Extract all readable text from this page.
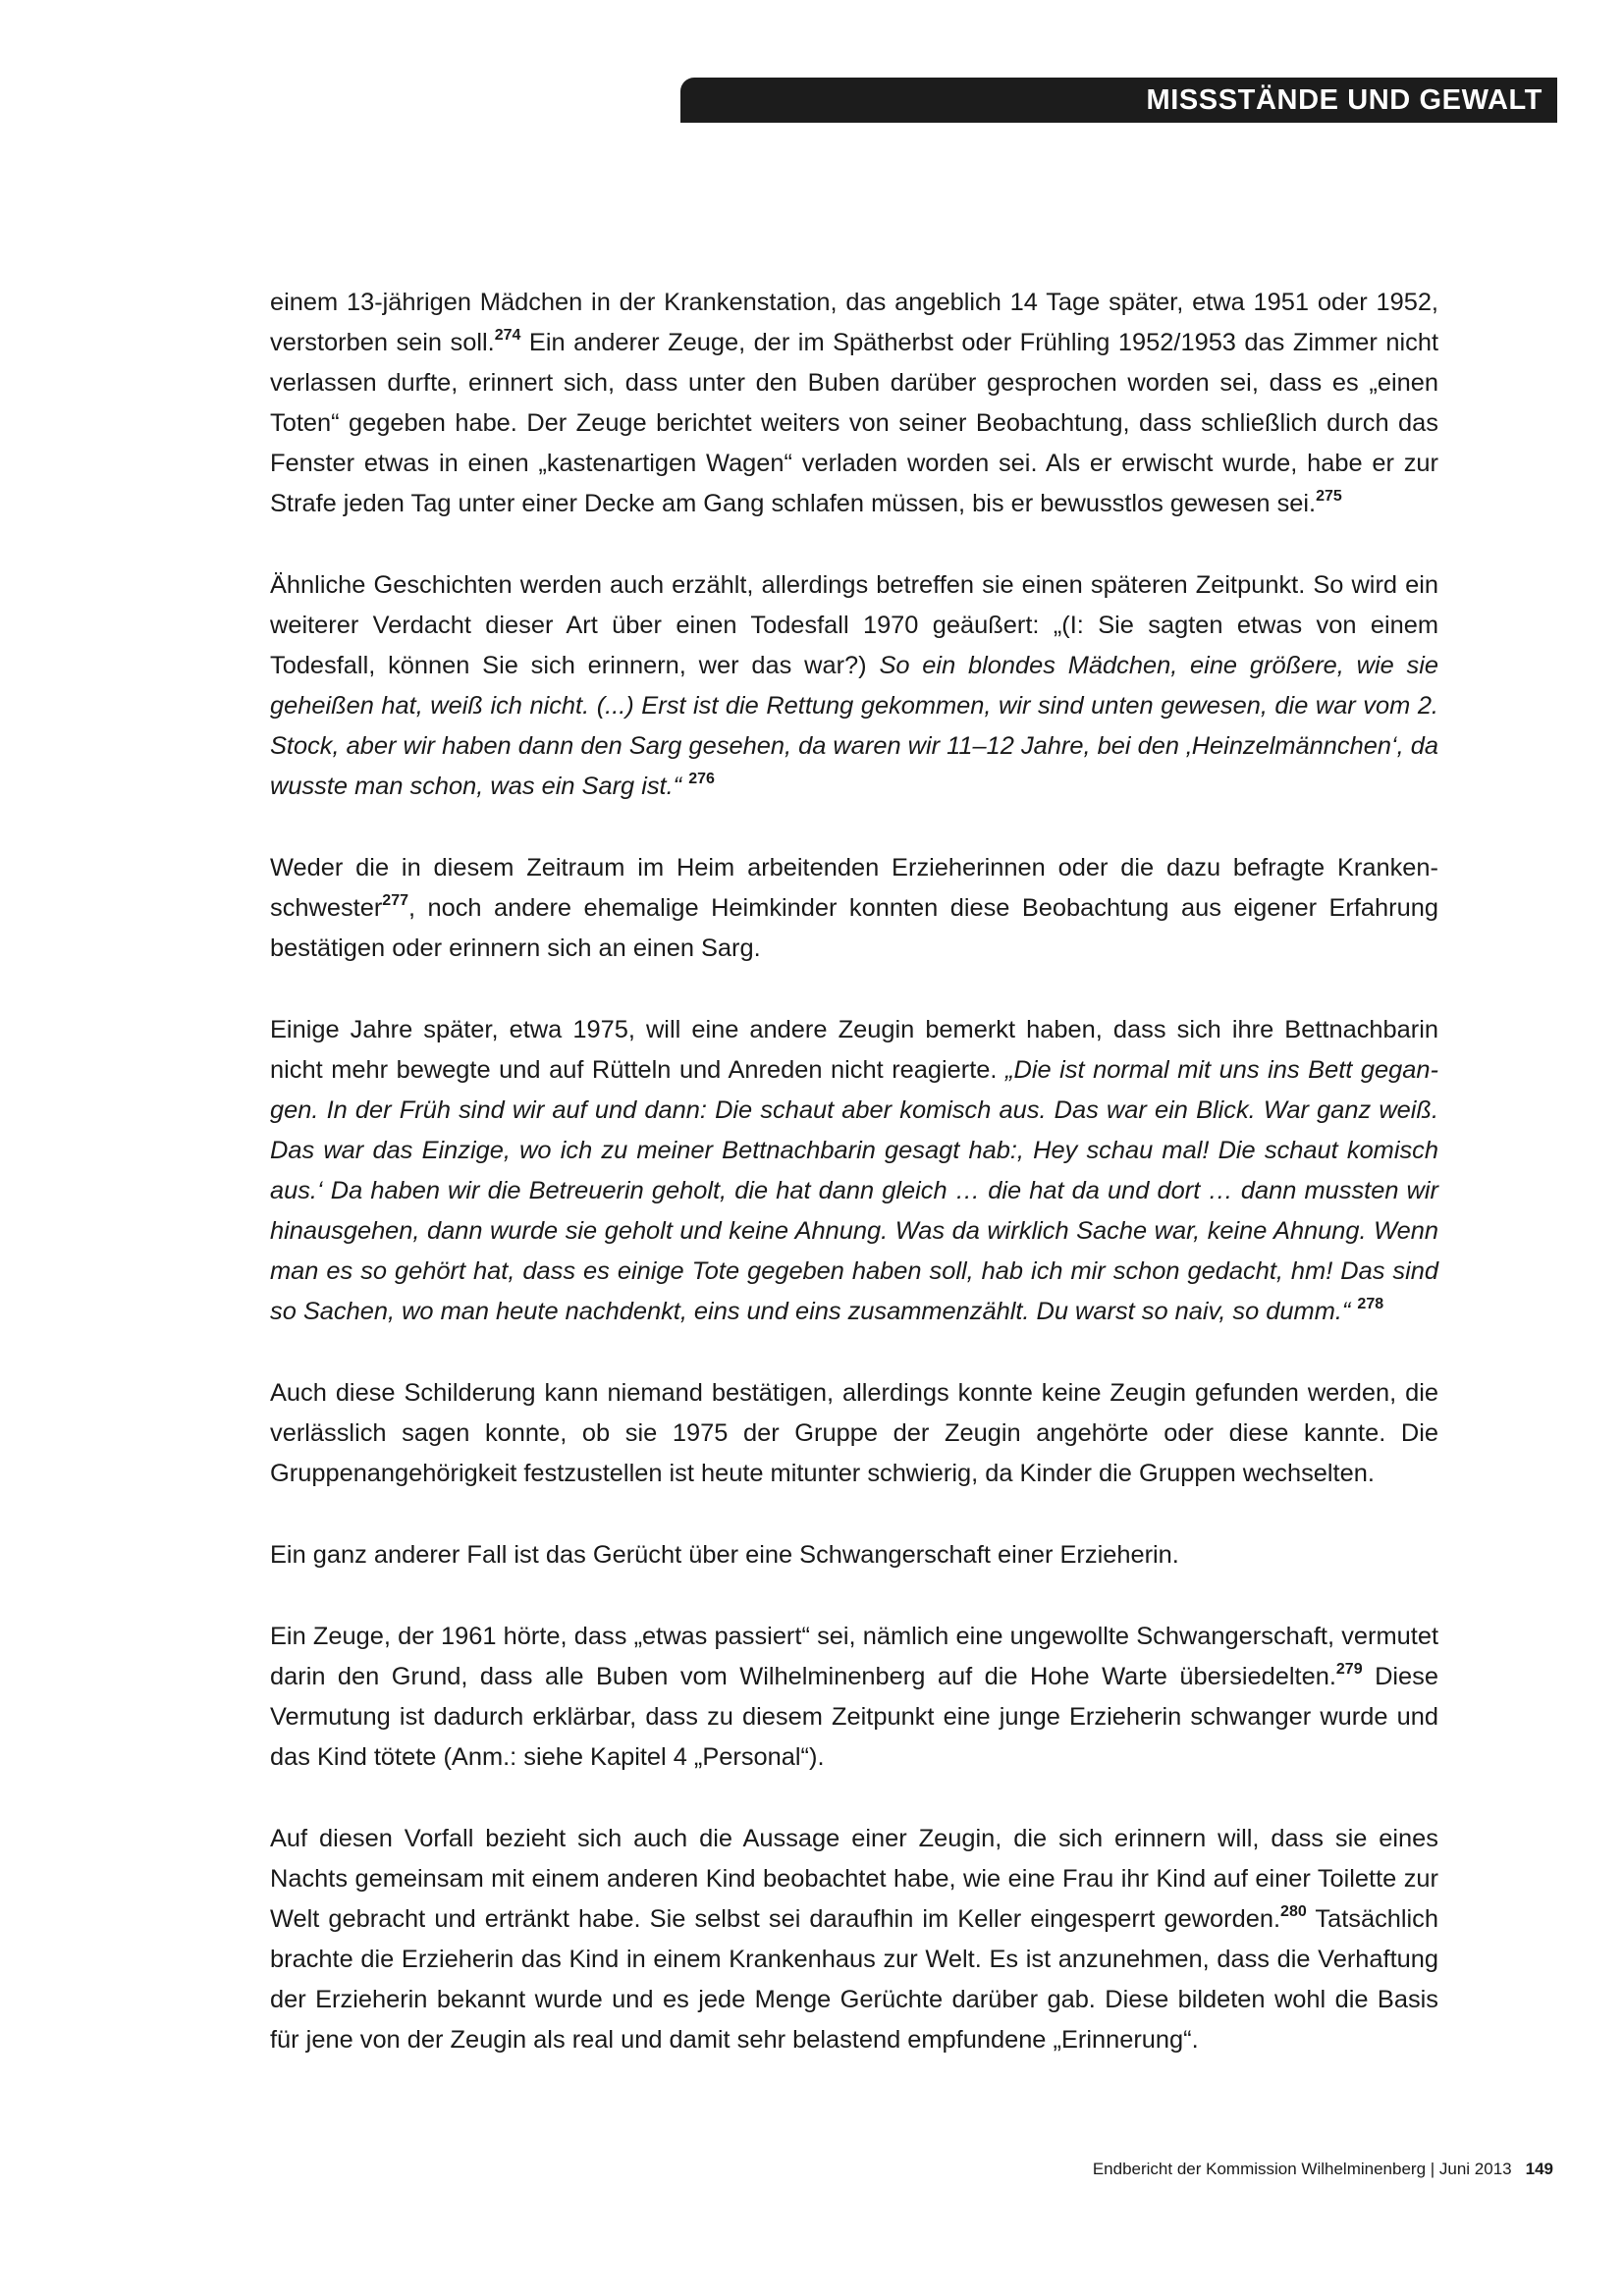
MISSSTÄNDE UND GEWALT

einem 13-jährigen Mädchen in der Krankenstation, das angeblich 14 Tage später, etwa 1951 oder 1952, verstorben sein soll.$^{274}$ Ein anderer Zeuge, der im Spätherbst oder Frühling 1952/1953 das Zimmer nicht verlassen durfte, erinnert sich, dass unter den Buben darüber gesprochen worden sei, dass es „einen Toten“ gegeben habe. Der Zeuge berichtet weiters von seiner Beobachtung, dass schließlich durch das Fenster etwas in einen „kastenartigen Wagen“ verladen worden sei. Als er erwischt wurde, habe er zur Strafe jeden Tag unter einer Decke am Gang schlafen müssen, bis er bewusstlos gewesen sei.$^{275}$

Ähnliche Geschichten werden auch erzählt, allerdings betreffen sie einen späteren Zeitpunkt. So wird ein weiterer Verdacht dieser Art über einen Todesfall 1970 geäußert: „(I: Sie sagten etwas von einem Todesfall, können Sie sich erinnern, wer das war?) So ein blondes Mädchen, eine größere, wie sie geheißen hat, weiß ich nicht. (...) Erst ist die Rettung gekommen, wir sind unten gewesen, die war vom 2. Stock, aber wir haben dann den Sarg gesehen, da waren wir 11–12 Jahre, bei den ‚Heinzelmännchen‘, da wusste man schon, was ein Sarg ist.“ $^{276}$

Weder die in diesem Zeitraum im Heim arbeitenden Erzieherinnen oder die dazu befragte Krankenschwester$^{277}$, noch andere ehemalige Heimkinder konnten diese Beobachtung aus eigener Erfahrung bestätigen oder erinnern sich an einen Sarg.

Einige Jahre später, etwa 1975, will eine andere Zeugin bemerkt haben, dass sich ihre Bettnachbarin nicht mehr bewegte und auf Rütteln und Anreden nicht reagierte. „Die ist normal mit uns ins Bett gegangen. In der Früh sind wir auf und dann: Die schaut aber komisch aus. Das war ein Blick. War ganz weiß. Das war das Einzige, wo ich zu meiner Bettnachbarin gesagt hab:, Hey schau mal! Die schaut komisch aus.‘ Da haben wir die Betreuerin geholt, die hat dann gleich … die hat da und dort … dann mussten wir hinausgehen, dann wurde sie geholt und keine Ahnung. Was da wirklich Sache war, keine Ahnung. Wenn man es so gehört hat, dass es einige Tote gegeben haben soll, hab ich mir schon gedacht, hm! Das sind so Sachen, wo man heute nachdenkt, eins und eins zusammenzählt. Du warst so naiv, so dumm.“ $^{278}$

Auch diese Schilderung kann niemand bestätigen, allerdings konnte keine Zeugin gefunden werden, die verlässlich sagen konnte, ob sie 1975 der Gruppe der Zeugin angehörte oder diese kannte. Die Gruppenangehörigkeit festzustellen ist heute mitunter schwierig, da Kinder die Gruppen wechselten.

Ein ganz anderer Fall ist das Gerücht über eine Schwangerschaft einer Erzieherin.

Ein Zeuge, der 1961 hörte, dass „etwas passiert“ sei, nämlich eine ungewollte Schwangerschaft, vermutet darin den Grund, dass alle Buben vom Wilhelminenberg auf die Hohe Warte übersiedelten.$^{279}$ Diese Vermutung ist dadurch erklärbar, dass zu diesem Zeitpunkt eine junge Erzieherin schwanger wurde und das Kind tötete (Anm.: siehe Kapitel 4 „Personal“).

Auf diesen Vorfall bezieht sich auch die Aussage einer Zeugin, die sich erinnern will, dass sie eines Nachts gemeinsam mit einem anderen Kind beobachtet habe, wie eine Frau ihr Kind auf einer Toilette zur Welt gebracht und ertränkt habe. Sie selbst sei daraufhin im Keller eingesperrt geworden.$^{280}$ Tatsächlich brachte die Erzieherin das Kind in einem Krankenhaus zur Welt. Es ist anzunehmen, dass die Verhaftung der Erzieherin bekannt wurde und es jede Menge Gerüchte darüber gab. Diese bildeten wohl die Basis für jene von der Zeugin als real und damit sehr belastend empfundene „Erinnerung“.

Endbericht der Kommission Wilhelminenberg | Juni 2013 149
